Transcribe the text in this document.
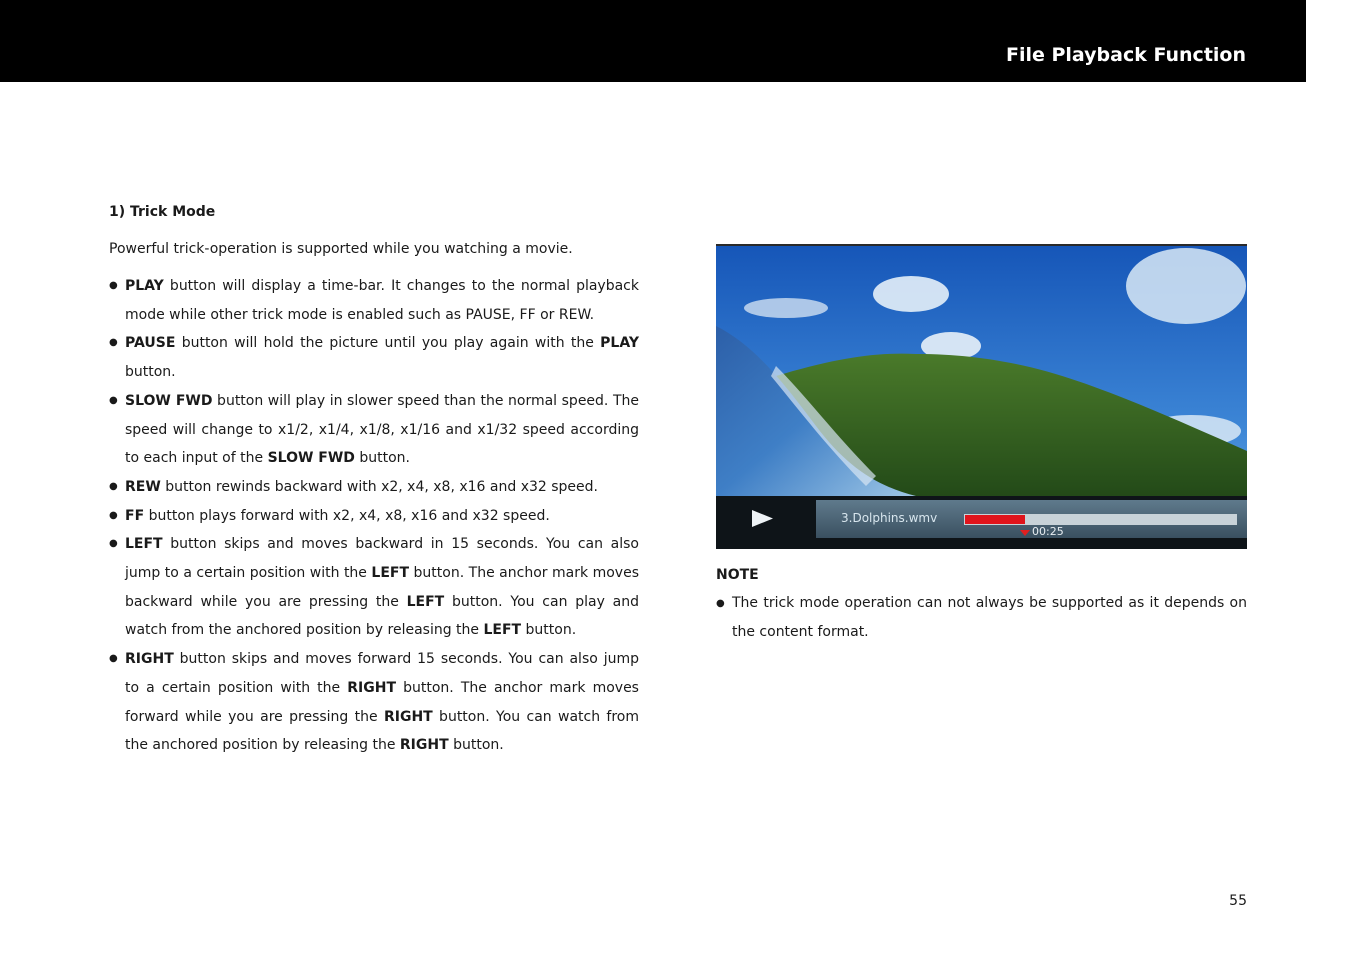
File Playback Function
1) Trick Mode

Powerful trick-operation is supported while you watching a movie.

● PLAY button will display a time-bar. It changes to the normal playback mode while other trick mode is enabled such as PAUSE, FF or REW.
● PAUSE button will hold the picture until you play again with the PLAY button.
● SLOW FWD button will play in slower speed than the normal speed. The speed will change to x1/2, x1/4, x1/8, x1/16 and x1/32 speed according to each input of the SLOW FWD button.
● REW button rewinds backward with x2, x4, x8, x16 and x32 speed.
● FF button plays forward with x2, x4, x8, x16 and x32 speed.
● LEFT button skips and moves backward in 15 seconds. You can also jump to a certain position with the LEFT button. The anchor mark moves backward while you are pressing the LEFT button. You can play and watch from the anchored position by releasing the LEFT button.
● RIGHT button skips and moves forward 15 seconds. You can also jump to a certain position with the RIGHT button. The anchor mark moves forward while you are pressing the RIGHT button. You can watch from the anchored position by releasing the RIGHT button.
3.Dolphins.wmv
00:25
NOTE
● The trick mode operation can not always be supported as it depends on the content format.
55
